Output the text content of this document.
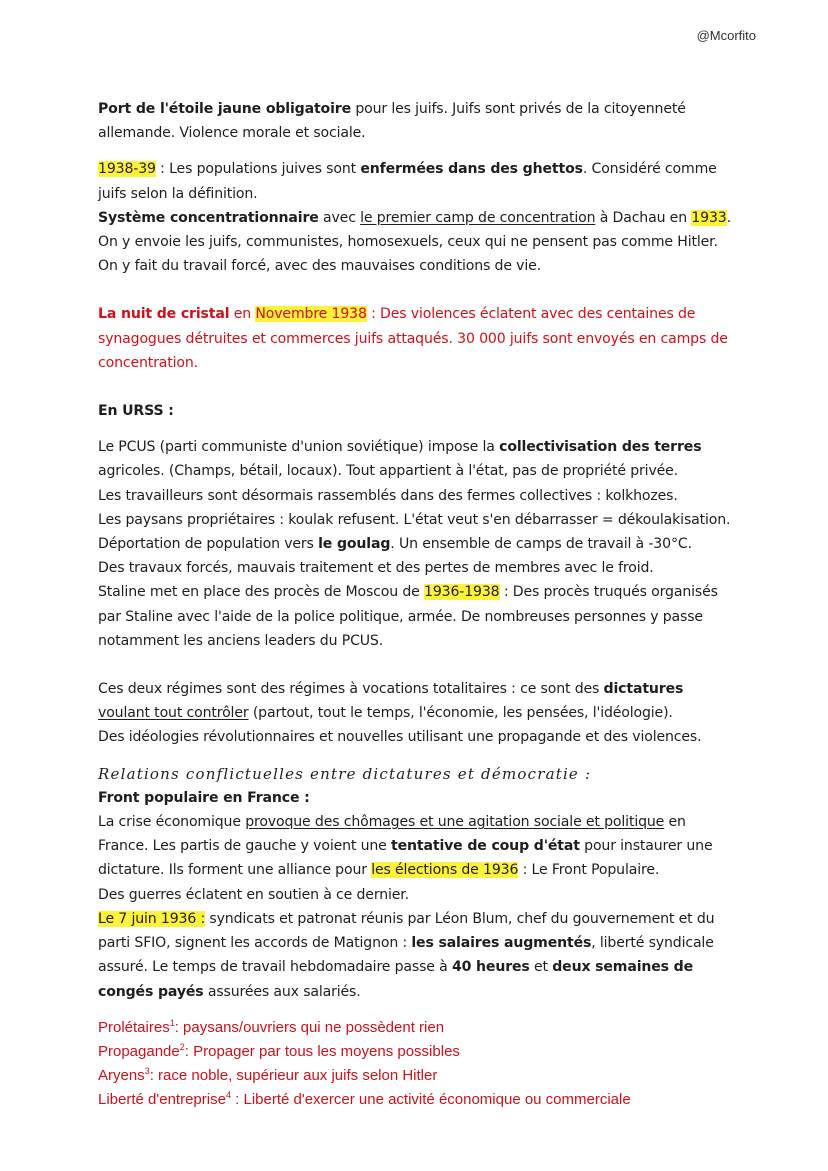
@Mcorfito

Port de l'étoile jaune obligatoire pour les juifs. Juifs sont privés de la citoyenneté allemande. Violence morale et sociale.

1938-39 : Les populations juives sont enfermées dans des ghettos. Considéré comme juifs selon la définition.

Système concentrationnaire avec le premier camp de concentration à Dachau en 1933.

On y envoie les juifs, communistes, homosexuels, ceux qui ne pensent pas comme Hitler.

On y fait du travail forcé, avec des mauvaises conditions de vie.

La nuit de cristal en Novembre 1938 : Des violences éclatent avec des centaines de synagogues détruites et commerces juifs attaqués. 30 000 juifs sont envoyés en camps de concentration.

En URSS :

Le PCUS (parti communiste d'union soviétique) impose la collectivisation des terres agricoles. (Champs, bétail, locaux). Tout appartient à l'état, pas de propriété privée.

Les travailleurs sont désormais rassemblés dans des fermes collectives : kolkhozes.

Les paysans propriétaires : koulak refusent. L'état veut s'en débarrasser = dékoulakisation.

Déportation de population vers le goulag. Un ensemble de camps de travail à -30°C.

Des travaux forcés, mauvais traitement et des pertes de membres avec le froid.

Staline met en place des procès de Moscou de 1936-1938 : Des procès truqués organisés par Staline avec l'aide de la police politique, armée. De nombreuses personnes y passe notamment les anciens leaders du PCUS.

Ces deux régimes sont des régimes à vocations totalitaires : ce sont des dictatures voulant tout contrôler (partout, tout le temps, l'économie, les pensées, l'idéologie).

Des idéologies révolutionnaires et nouvelles utilisant une propagande et des violences.

Relations conflictuelles entre dictatures et démocratie :

Front populaire en France :

La crise économique provoque des chômages et une agitation sociale et politique en France. Les partis de gauche y voient une tentative de coup d'état pour instaurer une dictature. Ils forment une alliance pour les élections de 1936 : Le Front Populaire.

Des guerres éclatent en soutien à ce dernier.

Le 7 juin 1936 : syndicats et patronat réunis par Léon Blum, chef du gouvernement et du parti SFIO, signent les accords de Matignon : les salaires augmentés, liberté syndicale assuré. Le temps de travail hebdomadaire passe à 40 heures et deux semaines de congés payés assurées aux salariés.

Prolétaires$^1$: paysans/ouvriers qui ne possèdent rien

Propagande$^2$: Propager par tous les moyens possibles

Aryens$^3$: race noble, supérieur aux juifs selon Hitler

Liberté d'entreprise$^4$ : Liberté d'exercer une activité économique ou commerciale
